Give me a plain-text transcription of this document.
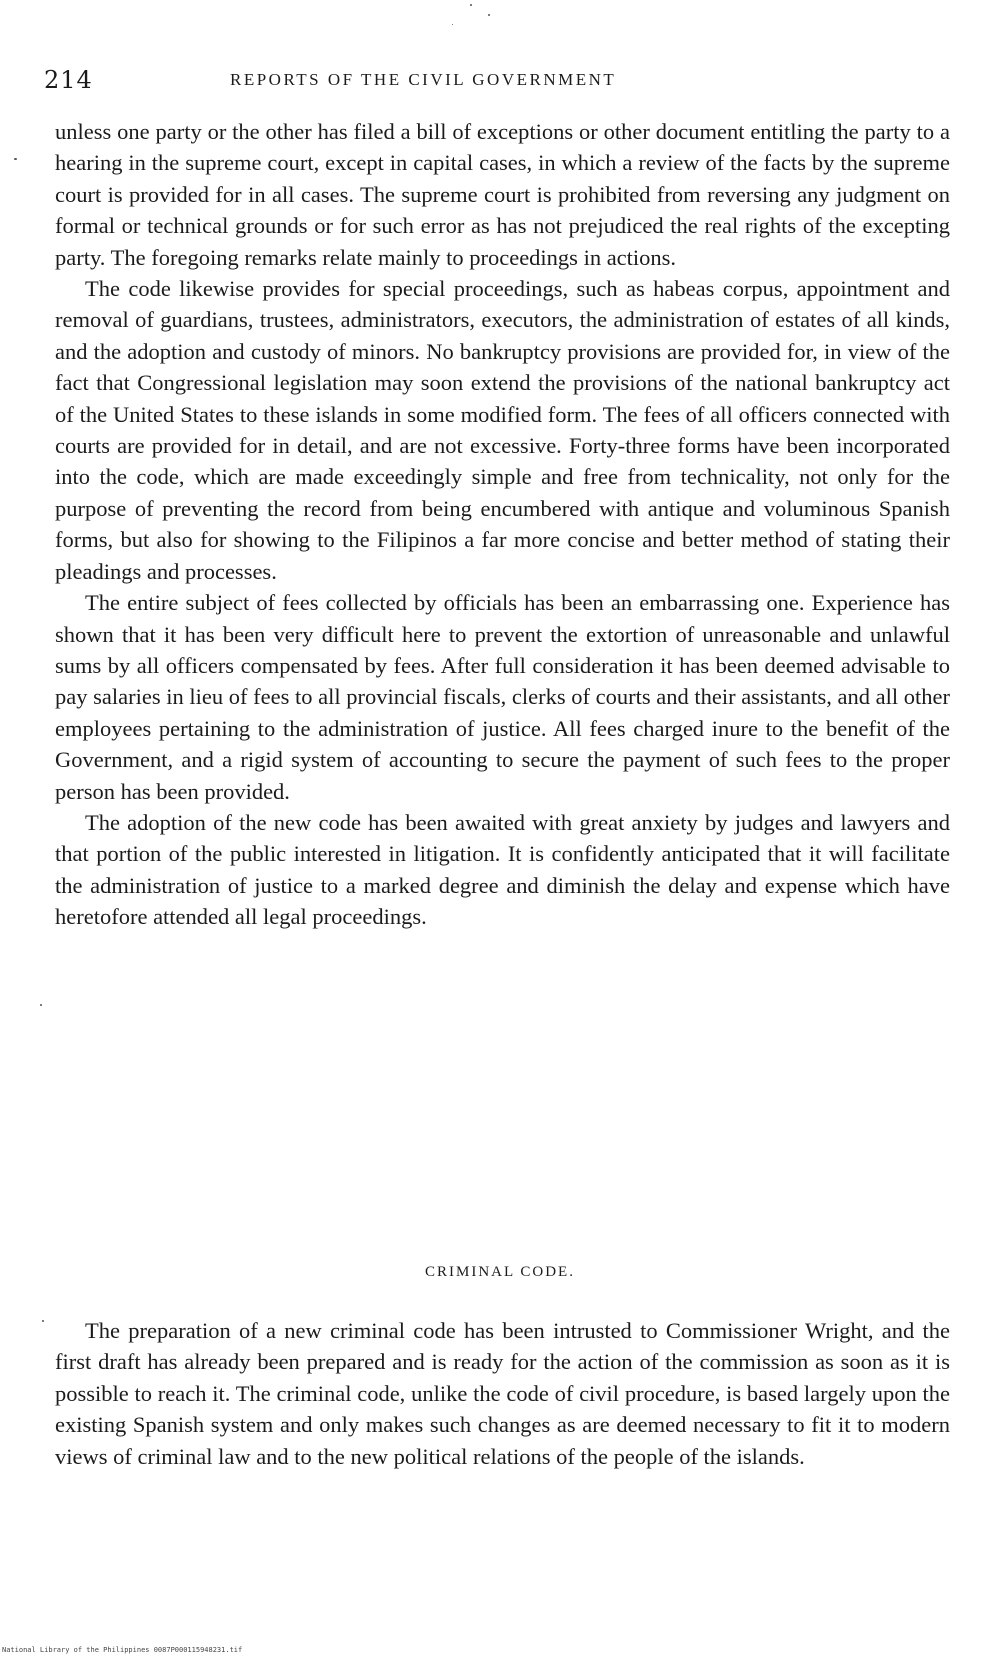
214	REPORTS OF THE CIVIL GOVERNMENT

unless one party or the other has filed a bill of exceptions or other document entitling the party to a hearing in the supreme court, except in capital cases, in which a review of the facts by the supreme court is provided for in all cases. The supreme court is prohibited from reversing any judgment on formal or technical grounds or for such error as has not prejudiced the real rights of the excepting party. The foregoing remarks relate mainly to proceedings in actions.

The code likewise provides for special proceedings, such as habeas corpus, appointment and removal of guardians, trustees, administrators, executors, the administration of estates of all kinds, and the adoption and custody of minors. No bankruptcy provisions are provided for, in view of the fact that Congressional legislation may soon extend the provisions of the national bankruptcy act of the United States to these islands in some modified form. The fees of all officers connected with courts are provided for in detail, and are not excessive. Forty-three forms have been incorporated into the code, which are made exceedingly simple and free from technicality, not only for the purpose of preventing the record from being encumbered with antique and voluminous Spanish forms, but also for showing to the Filipinos a far more concise and better method of stating their pleadings and processes.

The entire subject of fees collected by officials has been an embarrassing one. Experience has shown that it has been very difficult here to prevent the extortion of unreasonable and unlawful sums by all officers compensated by fees. After full consideration it has been deemed advisable to pay salaries in lieu of fees to all provincial fiscals, clerks of courts and their assistants, and all other employees pertaining to the administration of justice. All fees charged inure to the benefit of the Government, and a rigid system of accounting to secure the payment of such fees to the proper person has been provided.

The adoption of the new code has been awaited with great anxiety by judges and lawyers and that portion of the public interested in litigation. It is confidently anticipated that it will facilitate the administration of justice to a marked degree and diminish the delay and expense which have heretofore attended all legal proceedings.

CRIMINAL CODE.

The preparation of a new criminal code has been intrusted to Commissioner Wright, and the first draft has already been prepared and is ready for the action of the commission as soon as it is possible to reach it. The criminal code, unlike the code of civil procedure, is based largely upon the existing Spanish system and only makes such changes as are deemed necessary to fit it to modern views of criminal law and to the new political relations of the people of the islands.

National Library of the Philippines 0087P000115948231.tif
